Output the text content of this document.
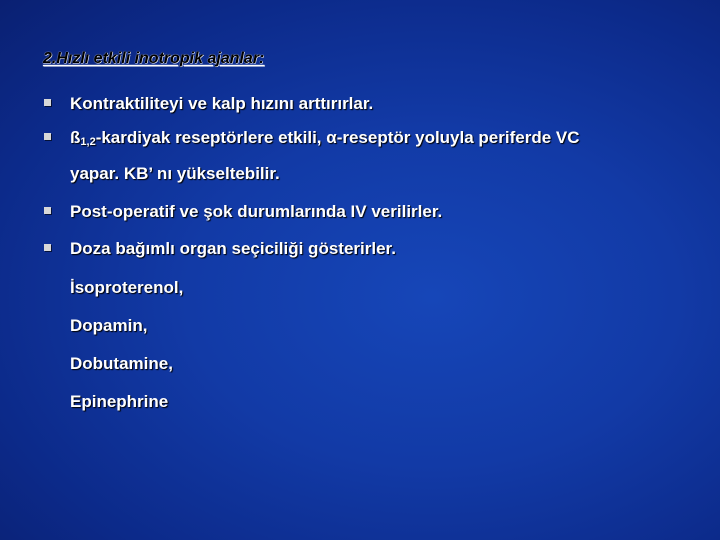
2.Hızlı etkili inotropik ajanlar:
Kontraktiliteyi ve kalp hızını arttırırlar.
ß1,2-kardiyak reseptörlere etkili, α-reseptör yoluyla periferde VC
yapar. KB’ nı yükseltebilir.
Post-operatif ve şok durumlarında IV verilirler.
Doza bağımlı organ seçiciliği gösterirler.
İsoproterenol,
Dopamin,
Dobutamine,
Epinephrine
